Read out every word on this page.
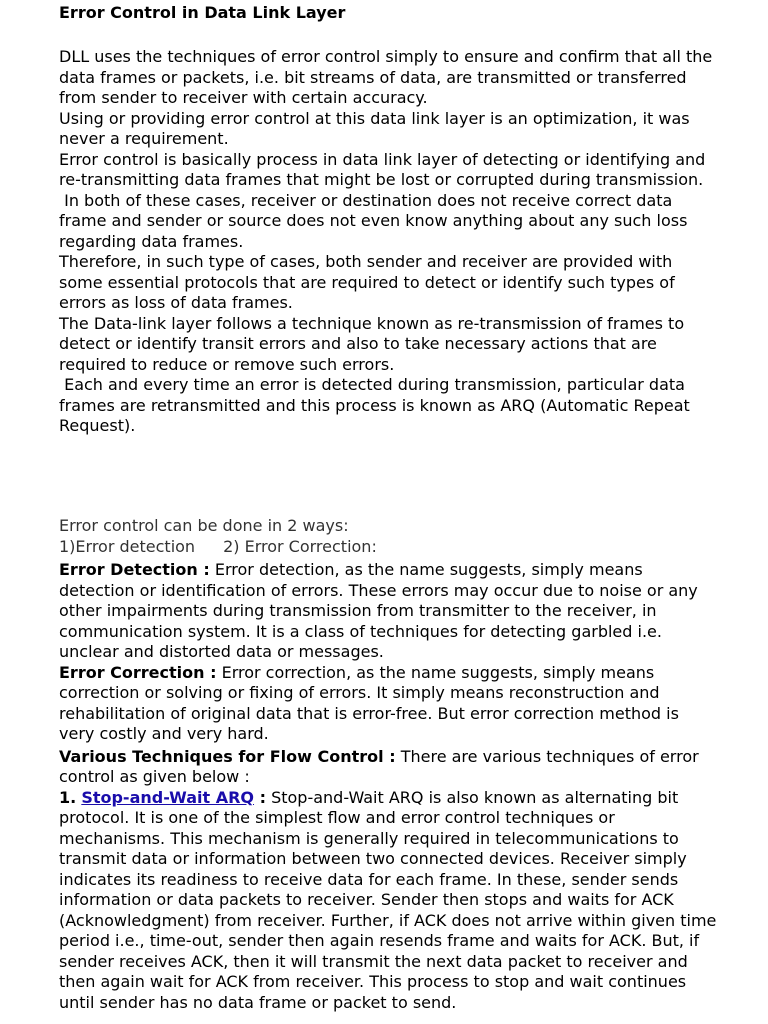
Error Control in Data Link Layer

DLL uses the techniques of error control simply to ensure and confirm that all the data frames or packets, i.e. bit streams of data, are transmitted or transferred from sender to receiver with certain accuracy.

Using or providing error control at this data link layer is an optimization, it was never a requirement.

Error control is basically process in data link layer of detecting or identifying and re-transmitting data frames that might be lost or corrupted during transmission.

In both of these cases, receiver or destination does not receive correct data frame and sender or source does not even know anything about any such loss regarding data frames.

Therefore, in such type of cases, both sender and receiver are provided with some essential protocols that are required to detect or identify such types of errors as loss of data frames.

The Data-link layer follows a technique known as re-transmission of frames to detect or identify transit errors and also to take necessary actions that are required to reduce or remove such errors.

Each and every time an error is detected during transmission, particular data frames are retransmitted and this process is known as ARQ (Automatic Repeat Request).

Error control can be done in 2 ways:

1)Error detection 2) Error Correction:

Error Detection : Error detection, as the name suggests, simply means detection or identification of errors. These errors may occur due to noise or any other impairments during transmission from transmitter to the receiver, in communication system. It is a class of techniques for detecting garbled i.e. unclear and distorted data or messages.

Error Correction : Error correction, as the name suggests, simply means correction or solving or fixing of errors. It simply means reconstruction and rehabilitation of original data that is error-free. But error correction method is very costly and very hard.

Various Techniques for Flow Control : There are various techniques of error control as given below :

1. Stop-and-Wait ARQ : Stop-and-Wait ARQ is also known as alternating bit protocol. It is one of the simplest flow and error control techniques or mechanisms. This mechanism is generally required in telecommunications to transmit data or information between two connected devices. Receiver simply indicates its readiness to receive data for each frame. In these, sender sends information or data packets to receiver. Sender then stops and waits for ACK (Acknowledgment) from receiver. Further, if ACK does not arrive within given time period i.e., time-out, sender then again resends frame and waits for ACK. But, if sender receives ACK, then it will transmit the next data packet to receiver and then again wait for ACK from receiver. This process to stop and wait continues until sender has no data frame or packet to send.
